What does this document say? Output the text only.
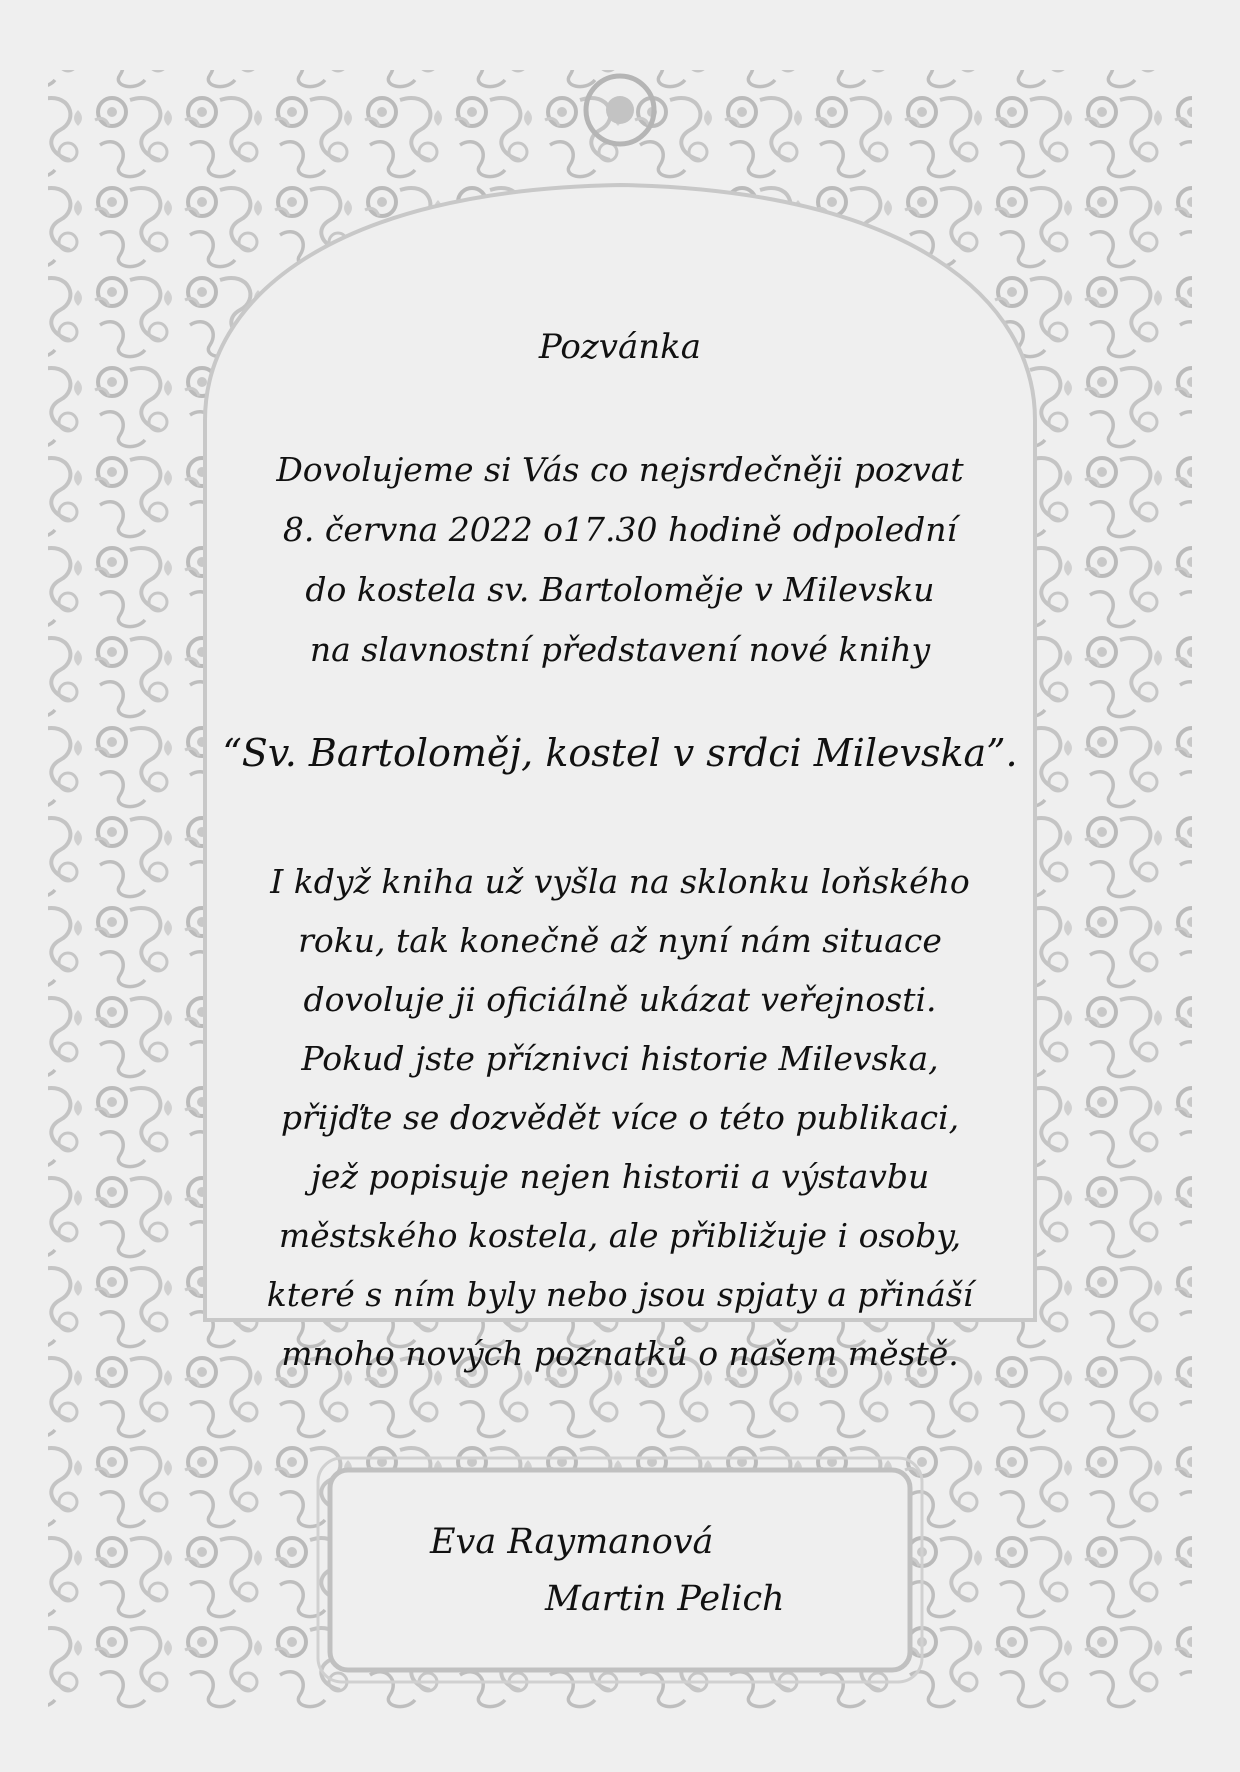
Pozvánka
Dovolujeme si Vás co nejsrdečněji pozvat
8. června 2022 o17.30 hodině odpolední
do kostela sv. Bartoloměje v Milevsku
na slavnostní představení nové knihy
“Sv. Bartoloměj, kostel v srdci Milevska”.
I když kniha už vyšla na sklonku loňského
roku, tak konečně až nyní nám situace
dovoluje ji oficiálně ukázat veřejnosti.
Pokud jste příznivci historie Milevska,
přijďte se dozvědět více o této publikaci,
jež popisuje nejen historii a výstavbu
městského kostela, ale přibližuje i osoby,
které s ním byly nebo jsou spjaty a přináší
mnoho nových poznatků o našem městě.
Eva Raymanová
Martin Pelich
